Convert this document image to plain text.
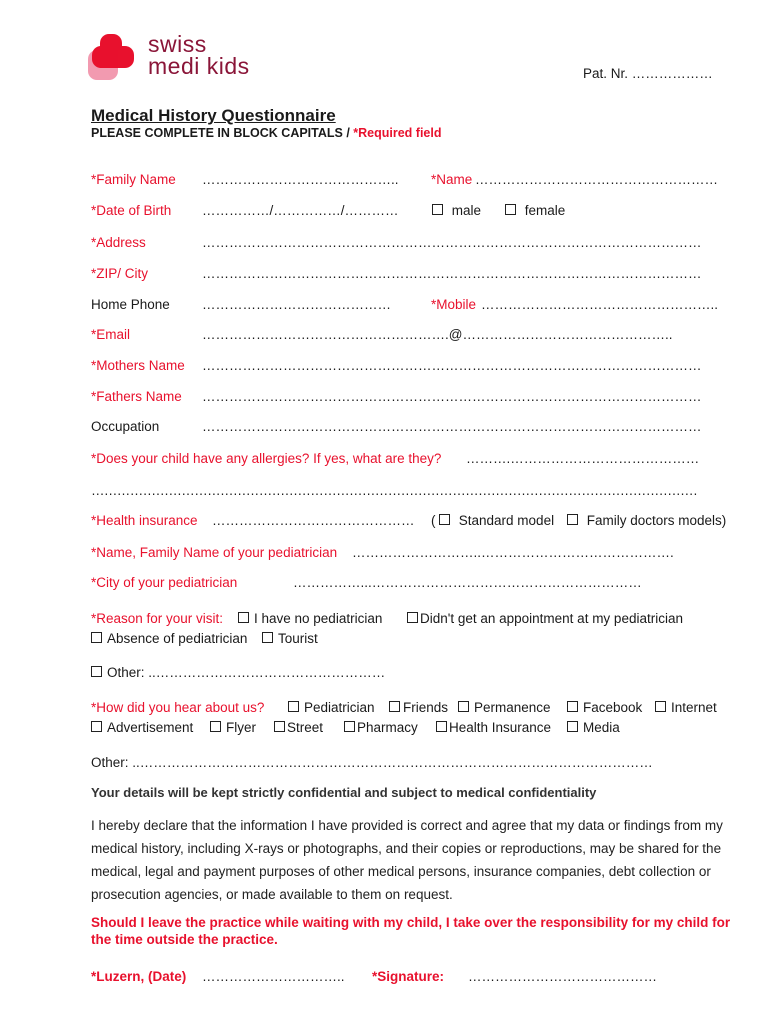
swiss
medi kids	Pat. Nr. ………………
Medical History Questionnaire
PLEASE COMPLETE IN BLOCK CAPITALS / *Required field
*Family Name …………………………………….. *Name ………………………………………………
*Date of Birth ……………/……………/…………	male	female
*Address	…………………………………………………………………………………………………
*ZIP/ City	…………………………………………………………………………………………………
Home Phone ……………………………………	*Mobile ……………………………………………..
*Email	……………………………………………….@………………………………………..
*Mothers Name …………………………………………………………………………………………………
*Fathers Name …………………………………………………………………………………………………
Occupation	…………………………………………………………………………………………………
*Does your child have any allergies? If yes, what are they? ……….……………………………………
……………………………………………………………………………………………………………………………
*Health insurance ……………………………………… (	Standard model	Family doctors models)
*Name, Family Name of your pediatrician ………………………..…………………………………….
*City of your pediatrician	……………...……………………………………………………
*Reason for your visit:	I have no pediatrician	Didn't get an appointment at my pediatrician
Absence of pediatrician	Tourist
Other: ..……………………………………………
*How did you hear about us?	Pediatrician	Friends	Permanence	Facebook	Internet
Advertisement	Flyer	Street	Pharmacy	Health Insurance	Media
Other: ..……………………………………………………………………………………………………
Your details will be kept strictly confidential and subject to medical confidentiality
I hereby declare that the information I have provided is correct and agree that my data or findings from my medical history, including X-rays or photographs, and their copies or reproductions, may be shared for the medical, legal and payment purposes of other medical persons, insurance companies, debt collection or prosecution agencies, or made available to them on request.
Should I leave the practice while waiting with my child, I take over the responsibility for my child for the time outside the practice.
*Luzern, (Date) ………………………….. *Signature: ……………………………………
